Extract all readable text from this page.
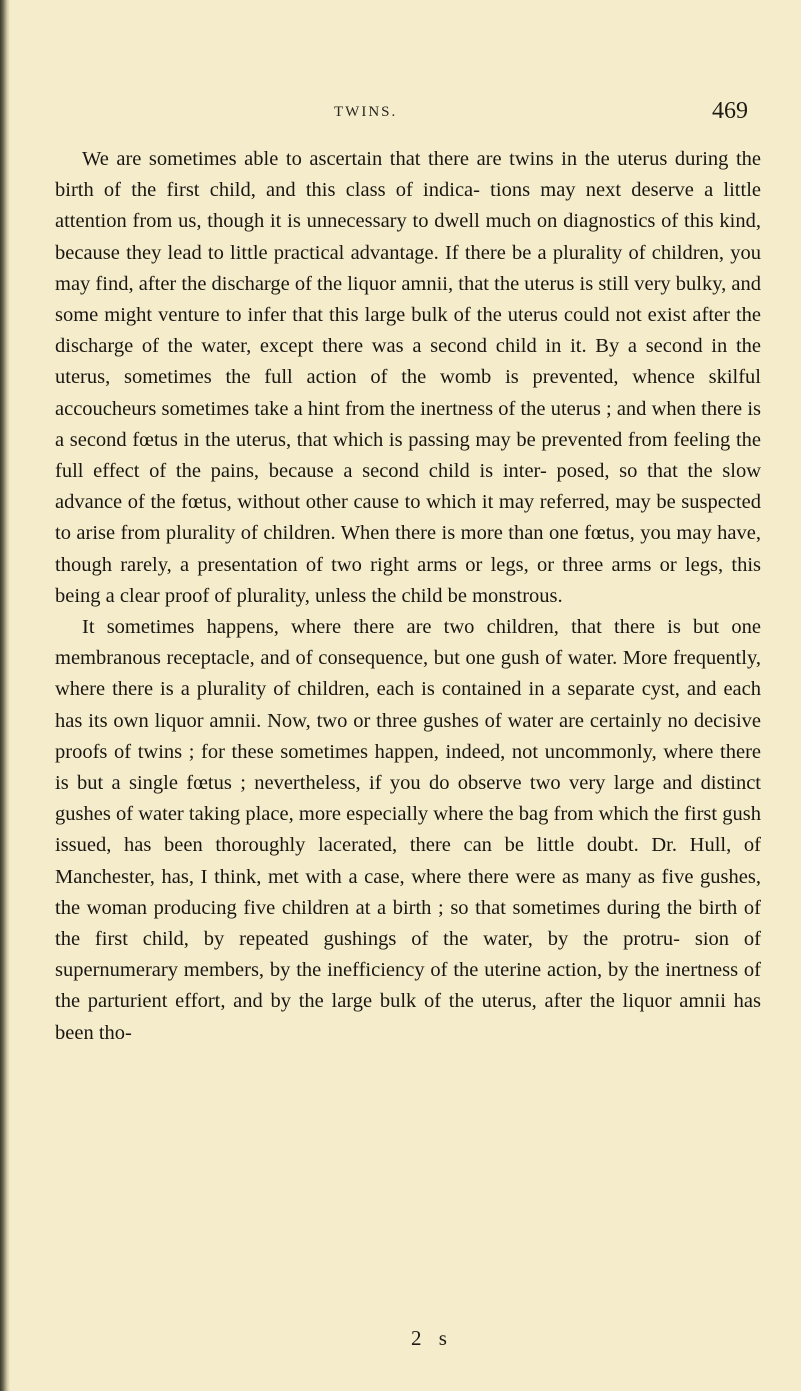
TWINS.	469

We are sometimes able to ascertain that there are twins in the uterus during the birth of the first child, and this class of indica- tions may next deserve a little attention from us, though it is unnecessary to dwell much on diagnostics of this kind, because they lead to little practical advantage. If there be a plurality of children, you may find, after the discharge of the liquor amnii, that the uterus is still very bulky, and some might venture to infer that this large bulk of the uterus could not exist after the discharge of the water, except there was a second child in it. By a second in the uterus, sometimes the full action of the womb is prevented, whence skilful accoucheurs sometimes take a hint from the inertness of the uterus ; and when there is a second fœtus in the uterus, that which is passing may be prevented from feeling the full effect of the pains, because a second child is inter- posed, so that the slow advance of the fœtus, without other cause to which it may referred, may be suspected to arise from plurality of children. When there is more than one fœtus, you may have, though rarely, a presentation of two right arms or legs, or three arms or legs, this being a clear proof of plurality, unless the child be monstrous.

It sometimes happens, where there are two children, that there is but one membranous receptacle, and of consequence, but one gush of water. More frequently, where there is a plurality of children, each is contained in a separate cyst, and each has its own liquor amnii. Now, two or three gushes of water are certainly no decisive proofs of twins ; for these sometimes happen, indeed, not uncommonly, where there is but a single fœtus ; nevertheless, if you do observe two very large and distinct gushes of water taking place, more especially where the bag from which the first gush issued, has been thoroughly lacerated, there can be little doubt. Dr. Hull, of Manchester, has, I think, met with a case, where there were as many as five gushes, the woman producing five children at a birth ; so that sometimes during the birth of the first child, by repeated gushings of the water, by the protru- sion of supernumerary members, by the inefficiency of the uterine action, by the inertness of the parturient effort, and by the large bulk of the uterus, after the liquor amnii has been tho-

2 s
